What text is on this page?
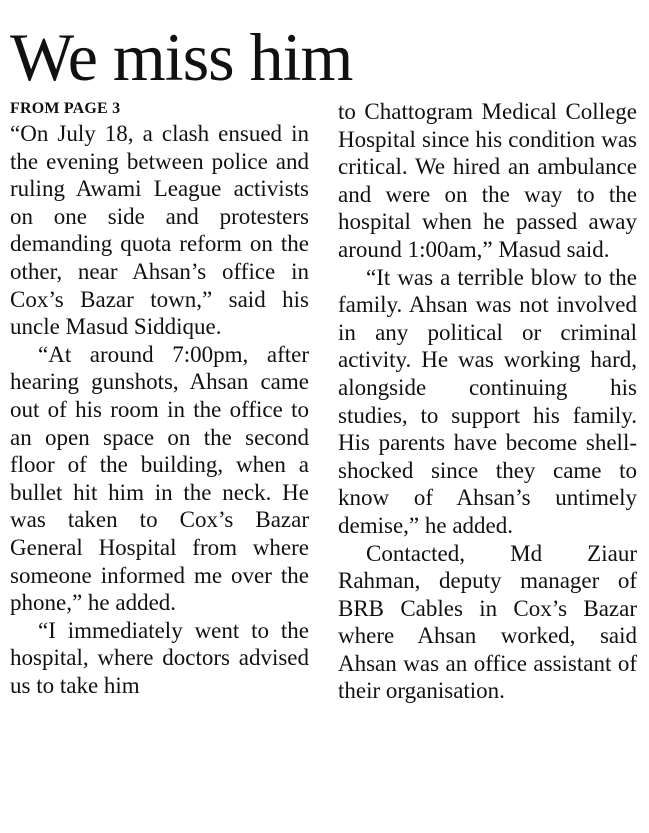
We miss him
FROM PAGE 3

“On July 18, a clash ensued in the evening between police and ruling Awami League activists on one side and protesters demanding quota reform on the other, near Ahsan’s office in Cox’s Bazar town,” said his uncle Masud Siddique.

“At around 7:00pm, after hearing gunshots, Ahsan came out of his room in the office to an open space on the second floor of the building, when a bullet hit him in the neck. He was taken to Cox’s Bazar General Hospital from where someone informed me over the phone,” he added.

“I immediately went to the hospital, where doctors advised us to take him

to Chattogram Medical College Hospital since his condition was critical. We hired an ambulance and were on the way to the hospital when he passed away around 1:00am,” Masud said.

“It was a terrible blow to the family. Ahsan was not involved in any political or criminal activity. He was working hard, alongside continuing his studies, to support his family. His parents have become shell-shocked since they came to know of Ahsan’s untimely demise,” he added.

Contacted, Md Ziaur Rahman, deputy manager of BRB Cables in Cox’s Bazar where Ahsan worked, said Ahsan was an office assistant of their organisation.
